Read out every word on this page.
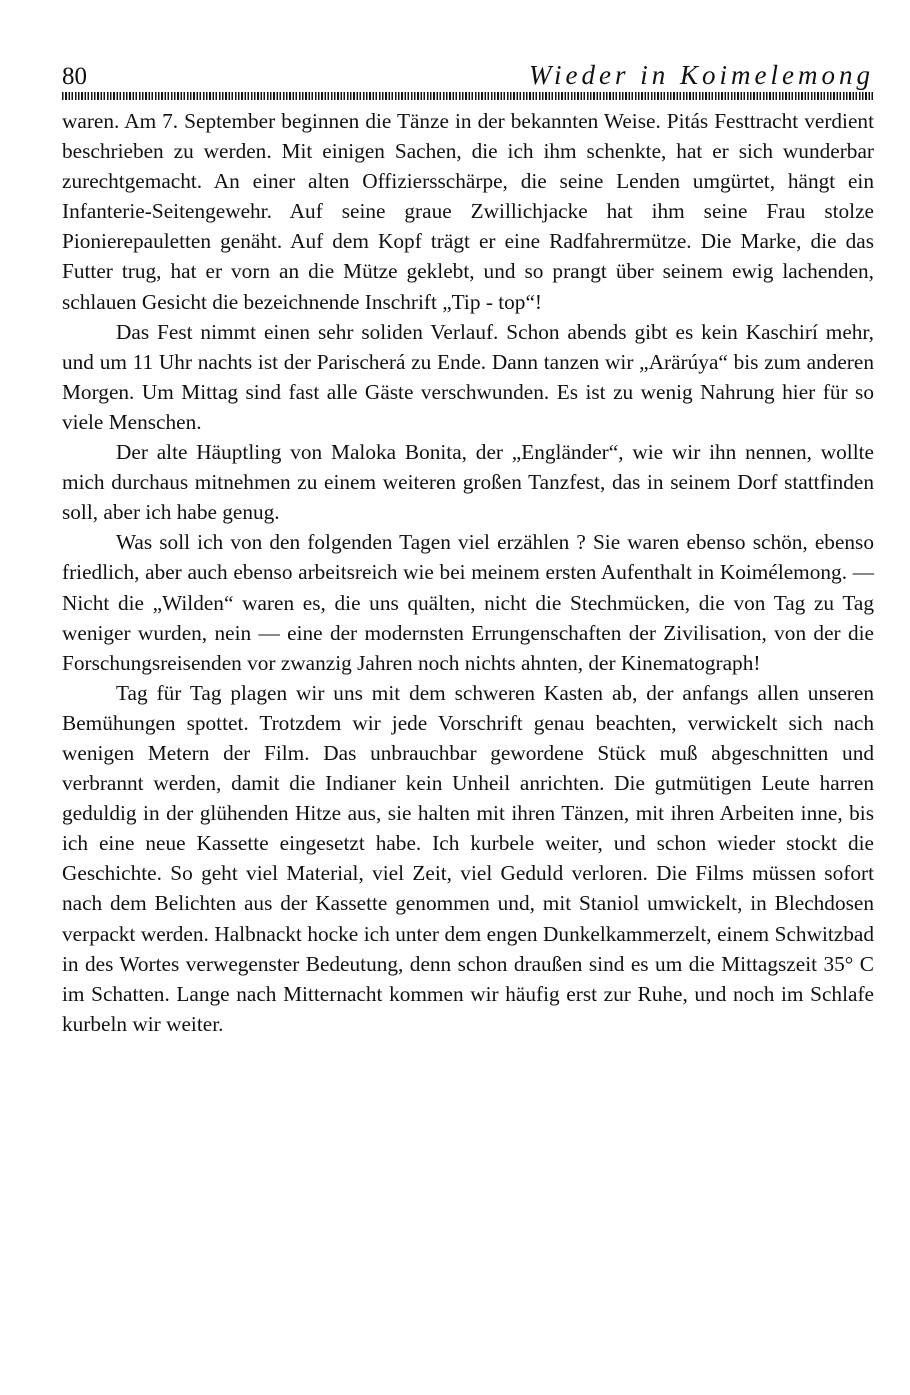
80	Wieder in Koimelemong

waren. Am 7. September beginnen die Tänze in der bekannten Weise. Pitás Festtracht verdient beschrieben zu werden. Mit einigen Sachen, die ich ihm schenkte, hat er sich wunderbar zurechtgemacht. An einer alten Offiziersschärpe, die seine Lenden umgürtet, hängt ein Infanterie-Seitengewehr. Auf seine graue Zwillichjacke hat ihm seine Frau stolze Pionierepauletten genäht. Auf dem Kopf trägt er eine Radfahrermütze. Die Marke, die das Futter trug, hat er vorn an die Mütze geklebt, und so prangt über seinem ewig lachenden, schlauen Gesicht die bezeichnende Inschrift „Tip - top“!

Das Fest nimmt einen sehr soliden Verlauf. Schon abends gibt es kein Kaschirí mehr, und um 11 Uhr nachts ist der Parischerá zu Ende. Dann tanzen wir „Arärúya“ bis zum anderen Morgen. Um Mittag sind fast alle Gäste verschwunden. Es ist zu wenig Nahrung hier für so viele Menschen.

Der alte Häuptling von Maloka Bonita, der „Engländer“, wie wir ihn nennen, wollte mich durchaus mitnehmen zu einem weiteren großen Tanzfest, das in seinem Dorf stattfinden soll, aber ich habe genug.

Was soll ich von den folgenden Tagen viel erzählen ? Sie waren ebenso schön, ebenso friedlich, aber auch ebenso arbeitsreich wie bei meinem ersten Aufenthalt in Koimélemong. — Nicht die „Wilden“ waren es, die uns quälten, nicht die Stechmücken, die von Tag zu Tag weniger wurden, nein — eine der modernsten Errungenschaften der Zivilisation, von der die Forschungsreisenden vor zwanzig Jahren noch nichts ahnten, der Kinematograph!

Tag für Tag plagen wir uns mit dem schweren Kasten ab, der anfangs allen unseren Bemühungen spottet. Trotzdem wir jede Vorschrift genau beachten, verwickelt sich nach wenigen Metern der Film. Das unbrauchbar gewordene Stück muß abgeschnitten und verbrannt werden, damit die Indianer kein Unheil anrichten. Die gutmütigen Leute harren geduldig in der glühenden Hitze aus, sie halten mit ihren Tänzen, mit ihren Arbeiten inne, bis ich eine neue Kassette eingesetzt habe. Ich kurbele weiter, und schon wieder stockt die Geschichte. So geht viel Material, viel Zeit, viel Geduld verloren. Die Films müssen sofort nach dem Belichten aus der Kassette genommen und, mit Staniol umwickelt, in Blechdosen verpackt werden. Halbnackt hocke ich unter dem engen Dunkelkammerzelt, einem Schwitzbad in des Wortes verwegenster Bedeutung, denn schon draußen sind es um die Mittagszeit 35° C im Schatten. Lange nach Mitternacht kommen wir häufig erst zur Ruhe, und noch im Schlafe kurbeln wir weiter.
